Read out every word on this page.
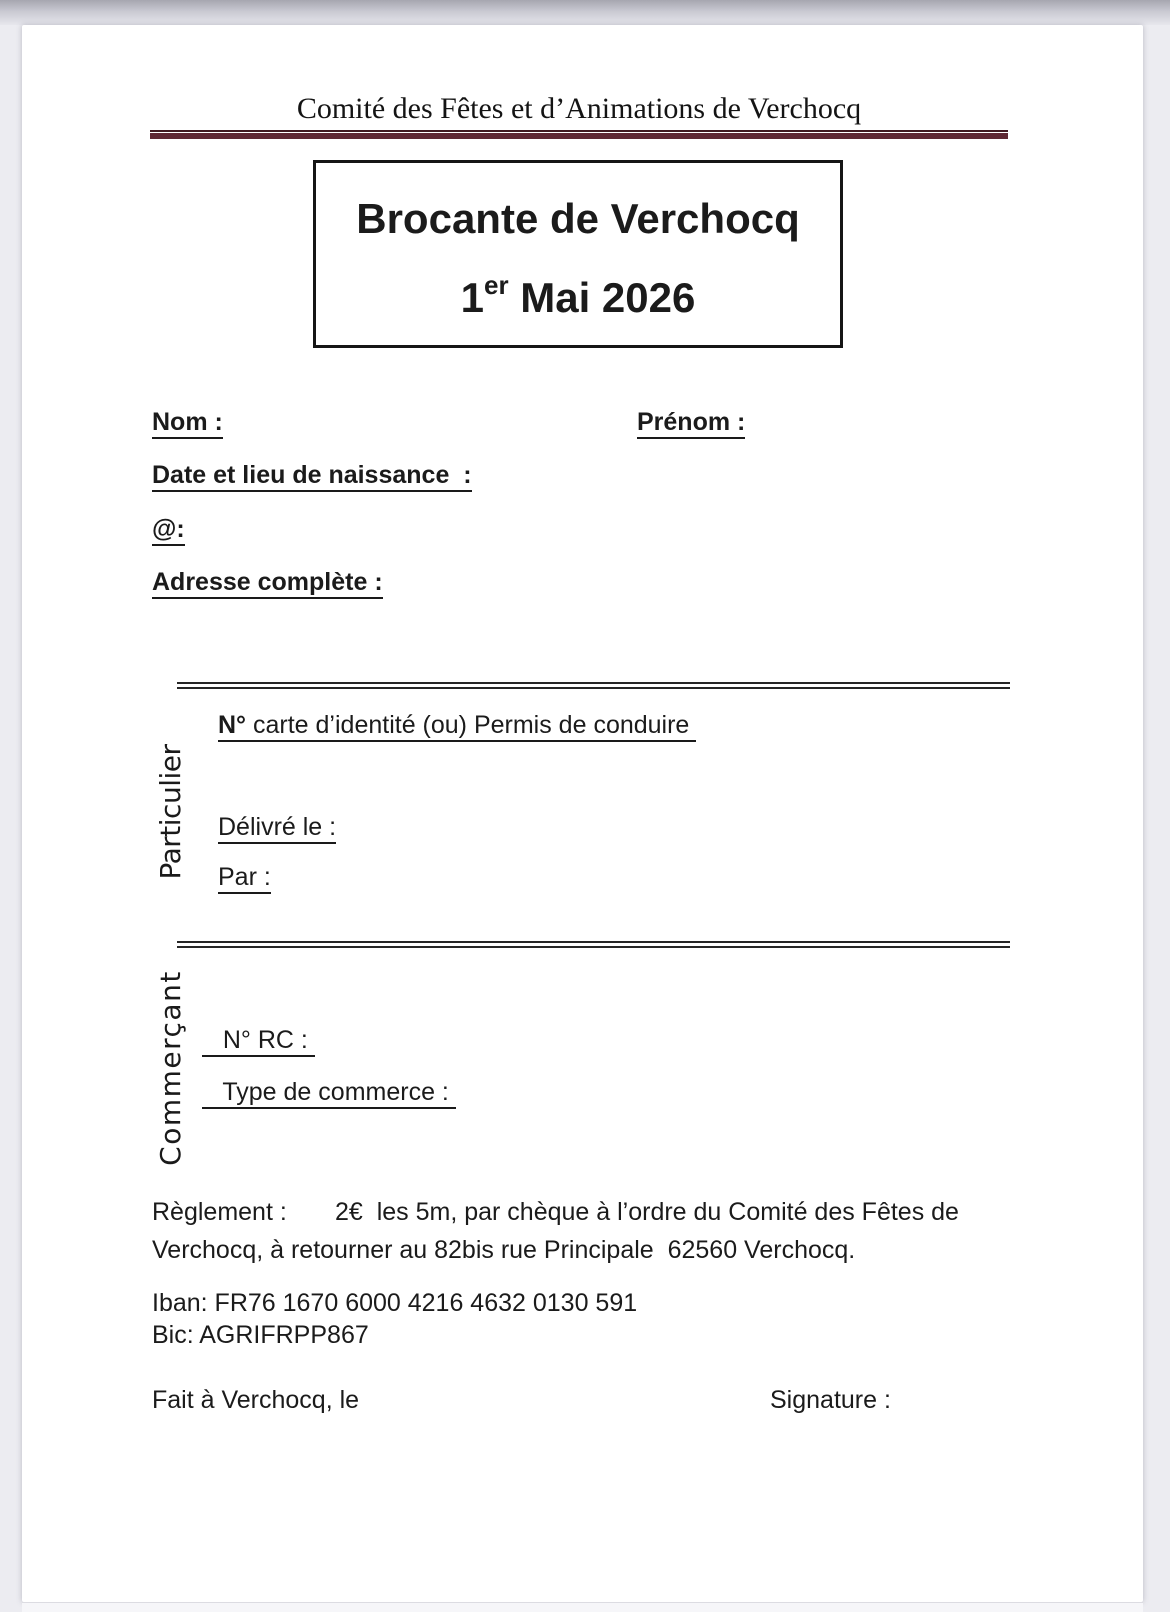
Comité des Fêtes et d’Animations de Verchocq
Brocante de Verchocq
1er Mai 2026
Nom :	Prénom :
Date et lieu de naissance  :
@:
Adresse complète :
Particulier
N° carte d’identité (ou) Permis de conduire
Délivré le :
Par :
Commerçant N° RC :
Type de commerce :
Règlement : 2€  les 5m, par chèque à l’ordre du Comité des Fêtes de
Verchocq, à retourner au 82bis rue Principale  62560 Verchocq.
Iban: FR76 1670 6000 4216 4632 0130 591
Bic: AGRIFRPP867
Fait à Verchocq, le	Signature :
